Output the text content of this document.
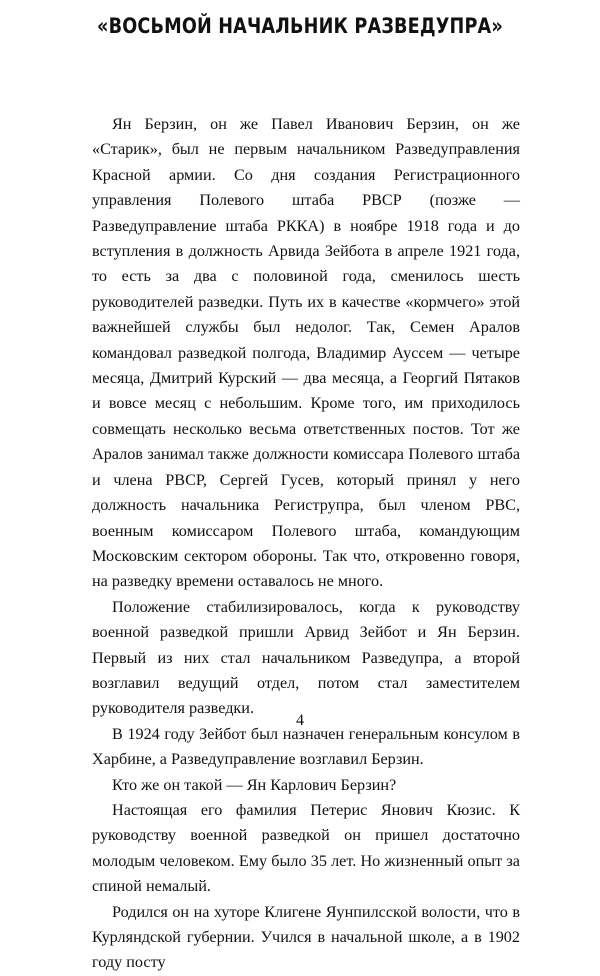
«ВОСЬМОЙ НАЧАЛЬНИК РАЗВЕДУПРА»

Ян Берзин, он же Павел Иванович Берзин, он же «Старик», был не первым начальником Разведуправления Красной армии. Со дня создания Регистрационного управления Полевого штаба РВСР (позже — Разведуправление штаба РККА) в ноябре 1918 года и до вступления в должность Арвида Зейбота в апреле 1921 года, то есть за два с половиной года, сменилось шесть руководителей разведки. Путь их в качестве «кормчего» этой важнейшей службы был недолог. Так, Семен Аралов командовал разведкой полгода, Владимир Ауссем — четыре месяца, Дмитрий Курский — два месяца, а Георгий Пятаков и вовсе месяц с небольшим. Кроме того, им приходилось совмещать несколько весьма ответственных постов. Тот же Аралов занимал также должности комиссара Полевого штаба и члена РВСР, Сергей Гусев, который принял у него должность начальника Региструпра, был членом РВС, военным комиссаром Полевого штаба, командующим Московским сектором обороны. Так что, откровенно говоря, на разведку времени оставалось не много.

Положение стабилизировалось, когда к руководству военной разведкой пришли Арвид Зейбот и Ян Берзин. Первый из них стал начальником Разведупра, а второй возглавил ведущий отдел, потом стал заместителем руководителя разведки.

В 1924 году Зейбот был назначен генеральным консулом в Харбине, а Разведуправление возглавил Берзин.

Кто же он такой — Ян Карлович Берзин?

Настоящая его фамилия Петерис Янович Кюзис. К руководству военной разведкой он пришел достаточно молодым человеком. Ему было 35 лет. Но жизненный опыт за спиной немалый.

Родился он на хуторе Клигене Яунпилсской волости, что в Курляндской губернии. Учился в начальной школе, а в 1902 году посту

4
